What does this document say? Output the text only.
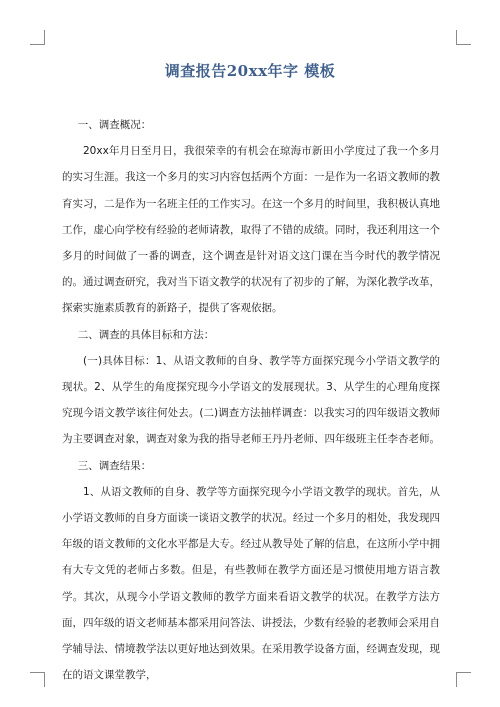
调查报告20xx年字 模板

一、调查概况：

20xx年月日至月日，我很荣幸的有机会在琼海市新田小学度过了我一个多月的实习生涯。我这一个多月的实习内容包括两个方面：一是作为一名语文教师的教育实习，二是作为一名班主任的工作实习。在这一个多月的时间里，我积极认真地工作，虚心向学校有经验的老师请教，取得了不错的成绩。同时，我还利用这一个多月的时间做了一番的调查，这个调查是针对语文这门课在当今时代的教学情况的。通过调查研究，我对当下语文教学的状况有了初步的了解，为深化教学改革，探索实施素质教育的新路子，提供了客观依据。

二、调查的具体目标和方法：

(一)具体目标：1、从语文教师的自身、教学等方面探究现今小学语文教学的现状。2、从学生的角度探究现今小学语文的发展现状。3、从学生的心理角度探究现今语文教学该往何处去。(二)调查方法抽样调查：以我实习的四年级语文教师为主要调查对象，调查对象为我的指导老师王丹丹老师、四年级班主任李杏老师。

三、调查结果：

1、从语文教师的自身、教学等方面探究现今小学语文教学的现状。首先，从小学语文教师的自身方面谈一谈语文教学的状况。经过一个多月的相处，我发现四年级的语文教师的文化水平都是大专。经过从教导处了解的信息，在这所小学中拥有大专文凭的老师占多数。但是，有些教师在教学方面还是习惯使用地方语言教学。其次，从现今小学语文教师的教学方面来看语文教学的状况。在教学方法方面，四年级的语文老师基本都采用问答法、讲授法，少数有经验的老教师会采用自学辅导法、情境教学法以更好地达到效果。在采用教学设备方面，经调查发现，现在的语文课堂教学，
